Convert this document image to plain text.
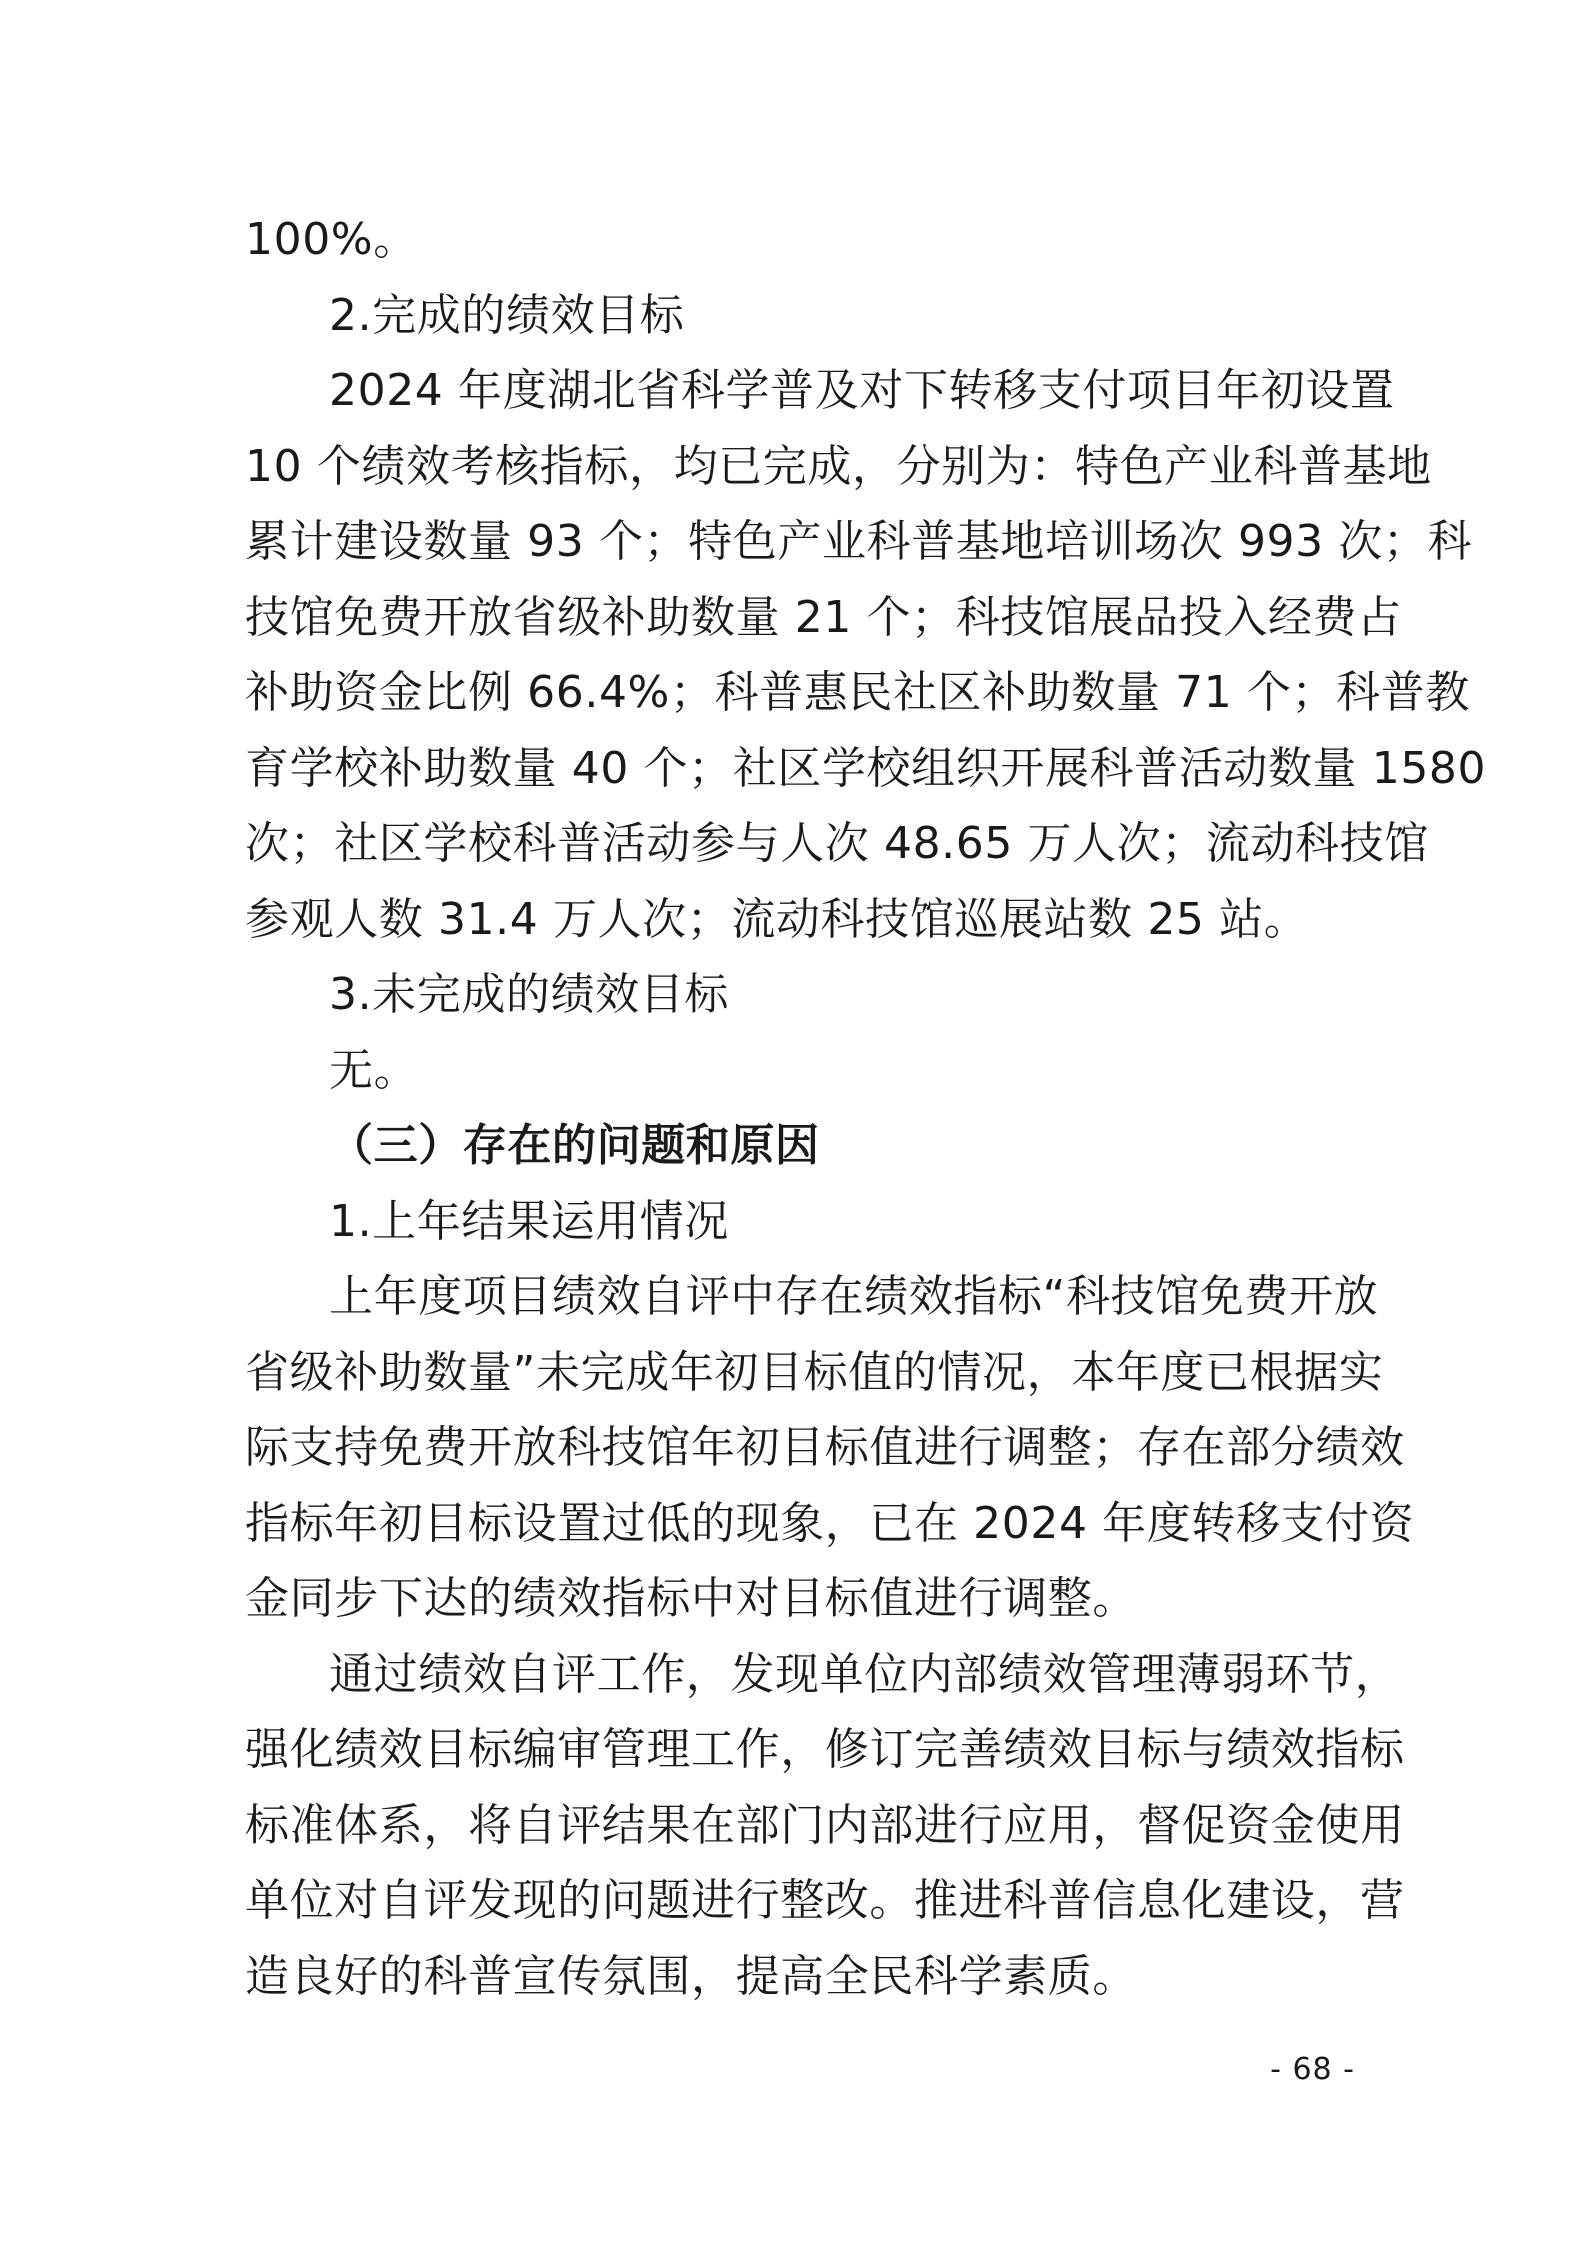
100%。
2.完成的绩效目标
2024 年度湖北省科学普及对下转移支付项目年初设置
10 个绩效考核指标，均已完成，分别为：特色产业科普基地
累计建设数量 93 个；特色产业科普基地培训场次 993 次；科
技馆免费开放省级补助数量 21 个；科技馆展品投入经费占
补助资金比例 66.4%；科普惠民社区补助数量 71 个；科普教
育学校补助数量 40 个；社区学校组织开展科普活动数量 1580
次；社区学校科普活动参与人次 48.65 万人次；流动科技馆
参观人数 31.4 万人次；流动科技馆巡展站数 25 站。
3.未完成的绩效目标
无。
（三）存在的问题和原因
1.上年结果运用情况
上年度项目绩效自评中存在绩效指标“科技馆免费开放
省级补助数量”未完成年初目标值的情况，本年度已根据实
际支持免费开放科技馆年初目标值进行调整；存在部分绩效
指标年初目标设置过低的现象，已在 2024 年度转移支付资
金同步下达的绩效指标中对目标值进行调整。
通过绩效自评工作，发现单位内部绩效管理薄弱环节，
强化绩效目标编审管理工作，修订完善绩效目标与绩效指标
标准体系，将自评结果在部门内部进行应用，督促资金使用
单位对自评发现的问题进行整改。推进科普信息化建设，营
造良好的科普宣传氛围，提高全民科学素质。
- 68 -
